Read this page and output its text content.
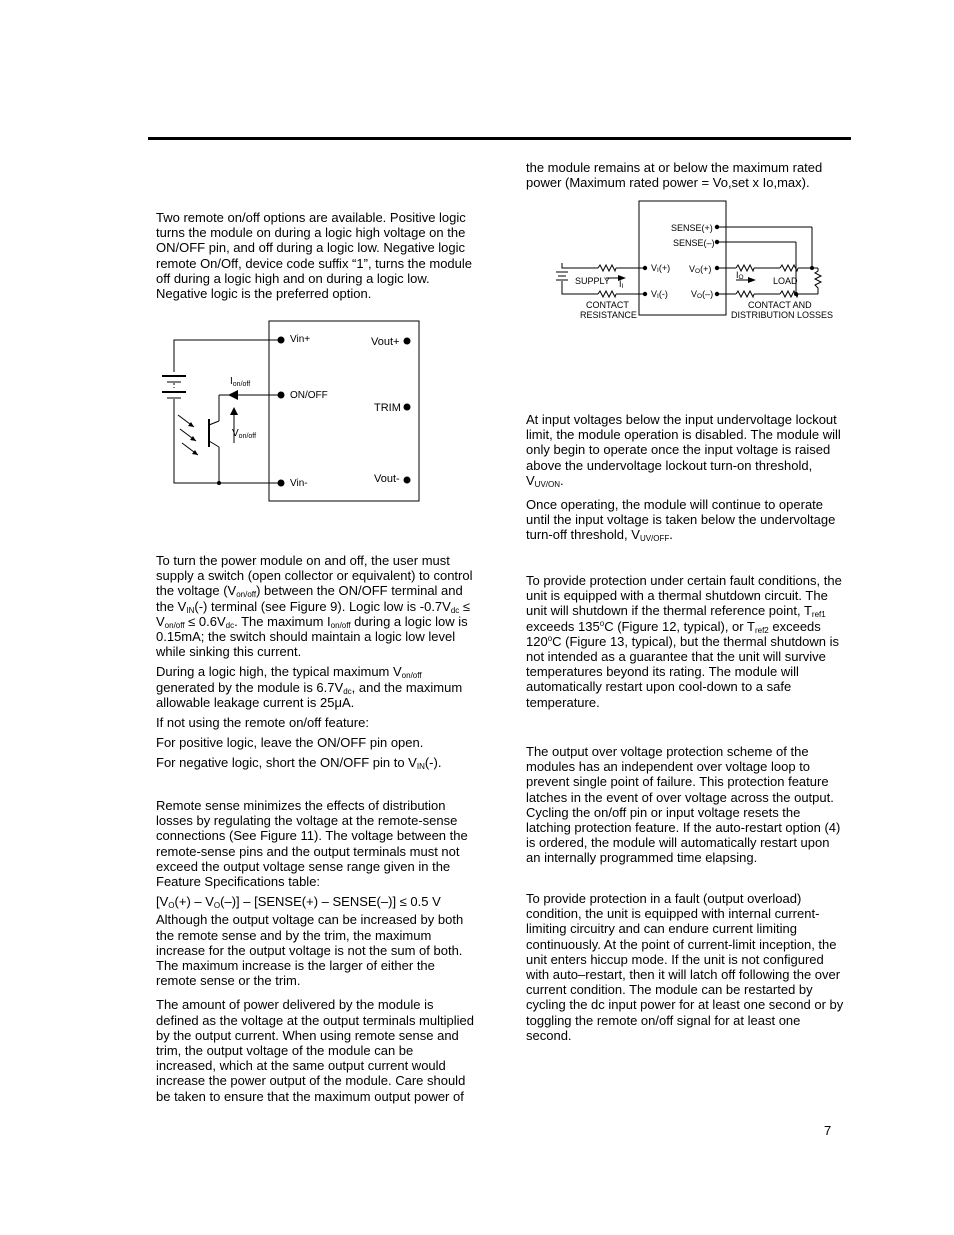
Two remote on/off options are available. Positive logic turns the module on during a logic high voltage on the ON/OFF pin, and off during a logic low. Negative logic remote On/Off, device code suffix “1”, turns the module off during a logic high and on during a logic low. Negative logic is the preferred option.

Vin+
ON/OFF
Vin-
Vout+
TRIM
Vout-
$I_{on/off}$
$V_{on/off}$

To turn the power module on and off, the user must supply a switch (open collector or equivalent) to control the voltage $(V_{on/off})$ between the ON/OFF terminal and the $V_{IN}(-)$ terminal (see Figure 9). Logic low is $-0.7V_{dc} \le V_{on/off} \le 0.6V_{dc}$. The maximum $I_{on/off}$ during a logic low is 0.15mA; the switch should maintain a logic low level while sinking this current.

During a logic high, the typical maximum $V_{on/off}$ generated by the module is $6.7V_{dc}$, and the maximum allowable leakage current is 25μA.

If not using the remote on/off feature:

For positive logic, leave the ON/OFF pin open.

For negative logic, short the ON/OFF pin to $V_{IN}(-)$.

Remote sense minimizes the effects of distribution losses by regulating the voltage at the remote-sense connections (See Figure 11). The voltage between the remote-sense pins and the output terminals must not exceed the output voltage sense range given in the Feature Specifications table:

$[V_O(+) - V_O(-)]$ – [SENSE(+) – SENSE(–)] ≤ 0.5 V

Although the output voltage can be increased by both the remote sense and by the trim, the maximum increase for the output voltage is not the sum of both. The maximum increase is the larger of either the remote sense or the trim.

The amount of power delivered by the module is defined as the voltage at the output terminals multiplied by the output current. When using remote sense and trim, the output voltage of the module can be increased, which at the same output current would increase the power output of the module. Care should be taken to ensure that the maximum output power of

the module remains at or below the maximum rated power (Maximum rated power = Vo,set x Io,max).

SENSE(+)
SENSE(–)
VI(+)
VI(-)
VO(+)
VO(–)
SUPPLY II
IO	LOAD
CONTACT
RESISTANCE
CONTACT AND
DISTRIBUTION LOSSES

At input voltages below the input undervoltage lockout limit, the module operation is disabled. The module will only begin to operate once the input voltage is raised above the undervoltage lockout turn-on threshold, $V_{UV/ON}$.

Once operating, the module will continue to operate until the input voltage is taken below the undervoltage turn-off threshold, $V_{UV/OFF}$.

To provide protection under certain fault conditions, the unit is equipped with a thermal shutdown circuit. The unit will shutdown if the thermal reference point, $T_{ref1}$ exceeds 135$^o$C (Figure 12, typical), or $T_{ref2}$ exceeds 120$^o$C (Figure 13, typical), but the thermal shutdown is not intended as a guarantee that the unit will survive temperatures beyond its rating. The module will automatically restart upon cool-down to a safe temperature.

The output over voltage protection scheme of the modules has an independent over voltage loop to prevent single point of failure. This protection feature latches in the event of over voltage across the output. Cycling the on/off pin or input voltage resets the latching protection feature. If the auto-restart option (4) is ordered, the module will automatically restart upon an internally programmed time elapsing.

To provide protection in a fault (output overload) condition, the unit is equipped with internal current-limiting circuitry and can endure current limiting continuously. At the point of current-limit inception, the unit enters hiccup mode. If the unit is not configured with auto–restart, then it will latch off following the over current condition. The module can be restarted by cycling the dc input power for at least one second or by toggling the remote on/off signal for at least one second.

7
